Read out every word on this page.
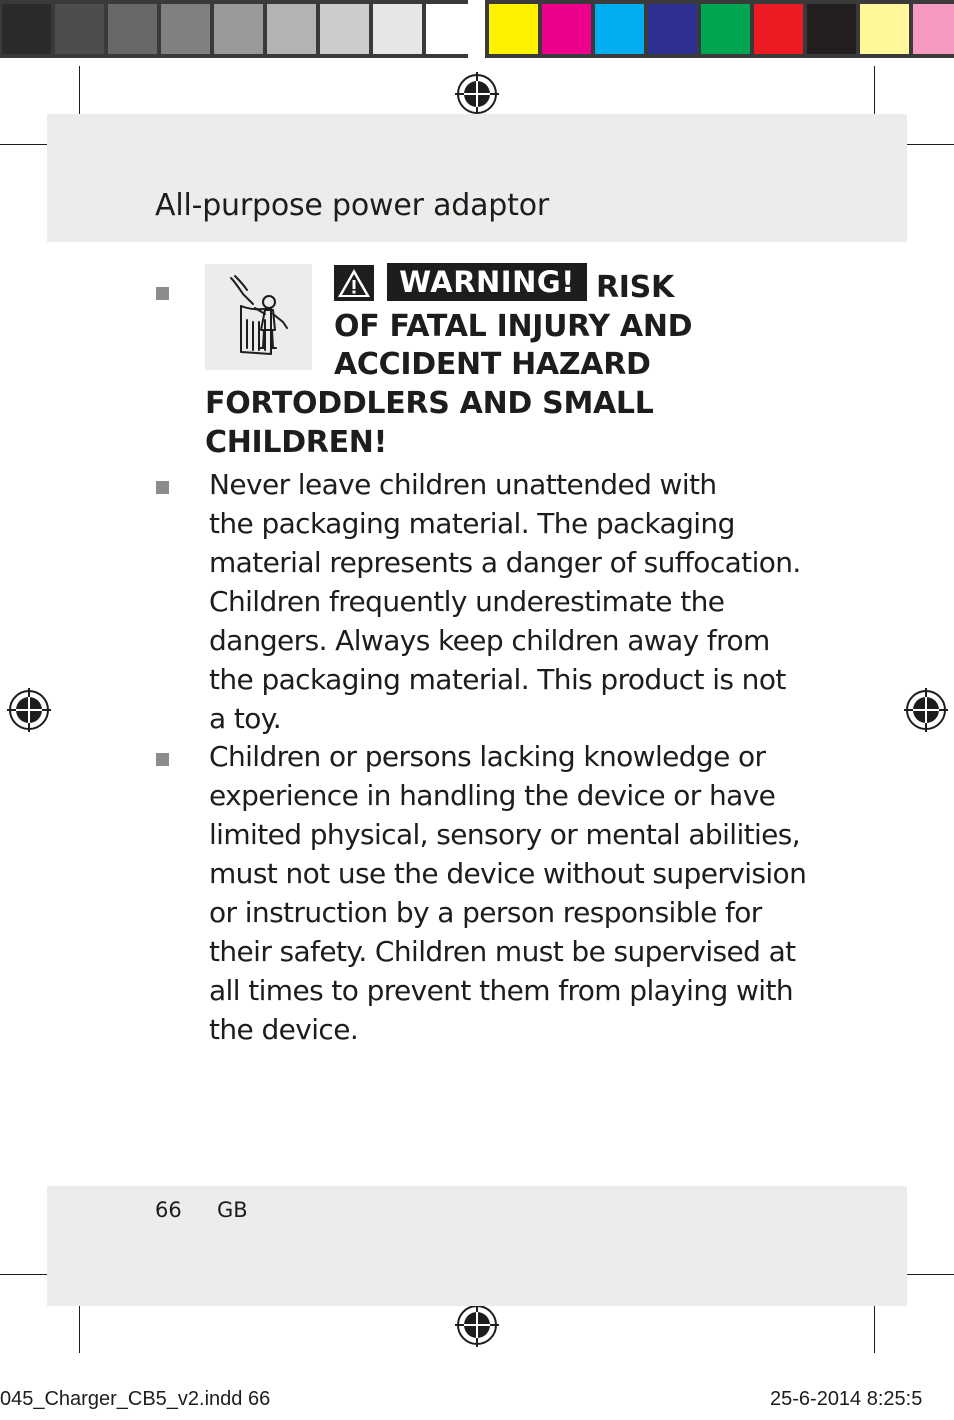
All-purpose power adaptor
WARNING! RISK
OF FATAL INJURY AND
ACCIDENT HAZARD
FORTODDLERS AND SMALL
CHILDREN!
Never leave children unattended with
the packaging material. The packaging
material represents a danger of suffocation.
Children frequently underestimate the
dangers. Always keep children away from
the packaging material. This product is not
a toy.
Children or persons lacking knowledge or
experience in handling the device or have
limited physical, sensory or mental abilities,
must not use the device without supervision
or instruction by a person responsible for
their safety. Children must be supervised at
all times to prevent them from playing with
the device.
66 GB
045_Charger_CB5_v2.indd 66	25-6-2014 8:25:5
